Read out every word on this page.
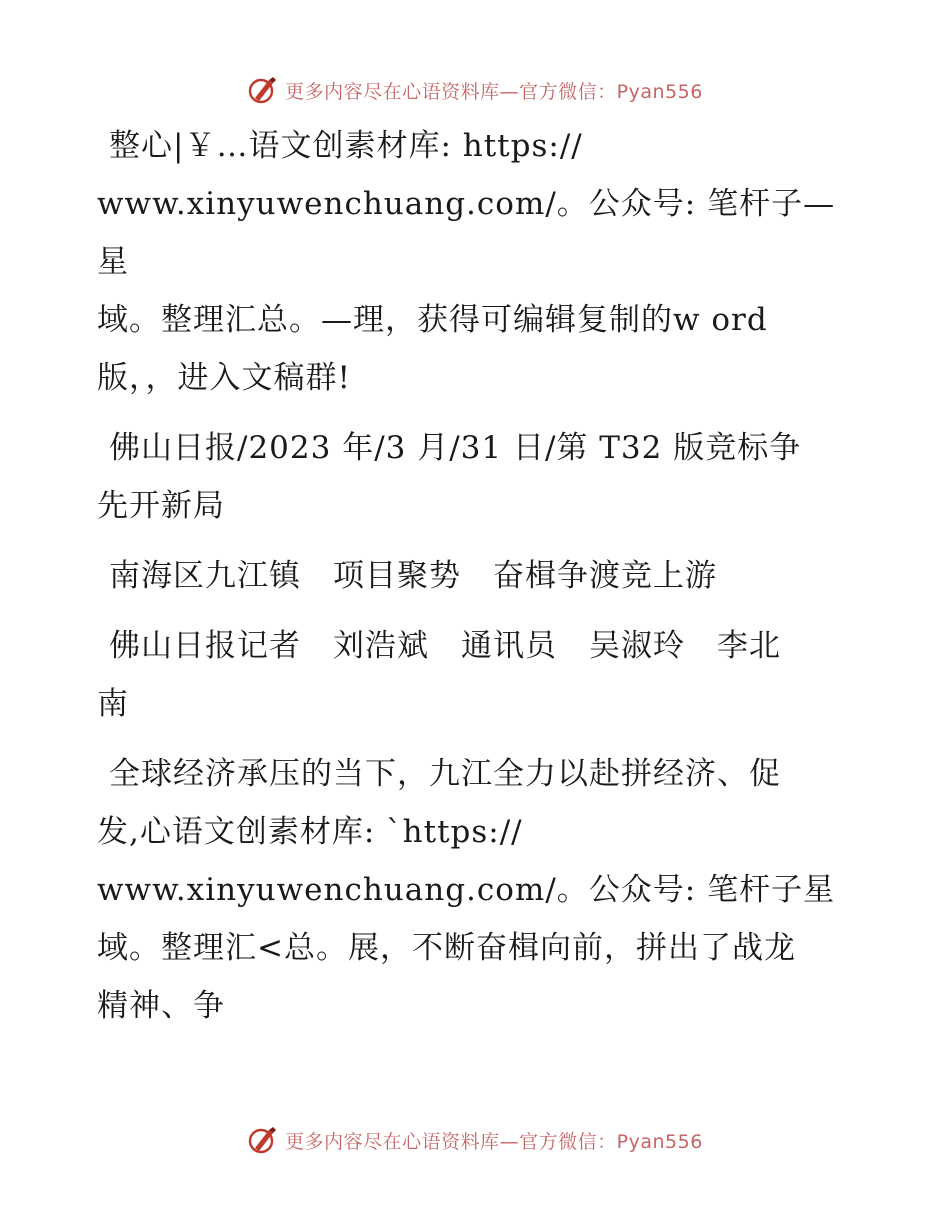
更多内容尽在心语资料库—官方微信：Pyan556

整心|￥…语文创素材库: https://
www.xinyuwenchuang.com/。公众号: 笔杆子—星
域。整理汇总。—理，获得可编辑复制的w ord
版，，进入文稿群!

佛山日报/2023 年/3 月/31 日/第 T32 版竞标争
先开新局

南海区九江镇　项目聚势　奋楫争渡竞上游

佛山日报记者　刘浩斌　通讯员　吴淑玲　李北
南

全球经济承压的当下，九江全力以赴拼经济、促
发,心语文创素材库: `https://
www.xinyuwenchuang.com/。公众号: 笔杆子星
域。整理汇<总。展，不断奋楫向前，拼出了战龙
精神、争

更多内容尽在心语资料库—官方微信：Pyan556
